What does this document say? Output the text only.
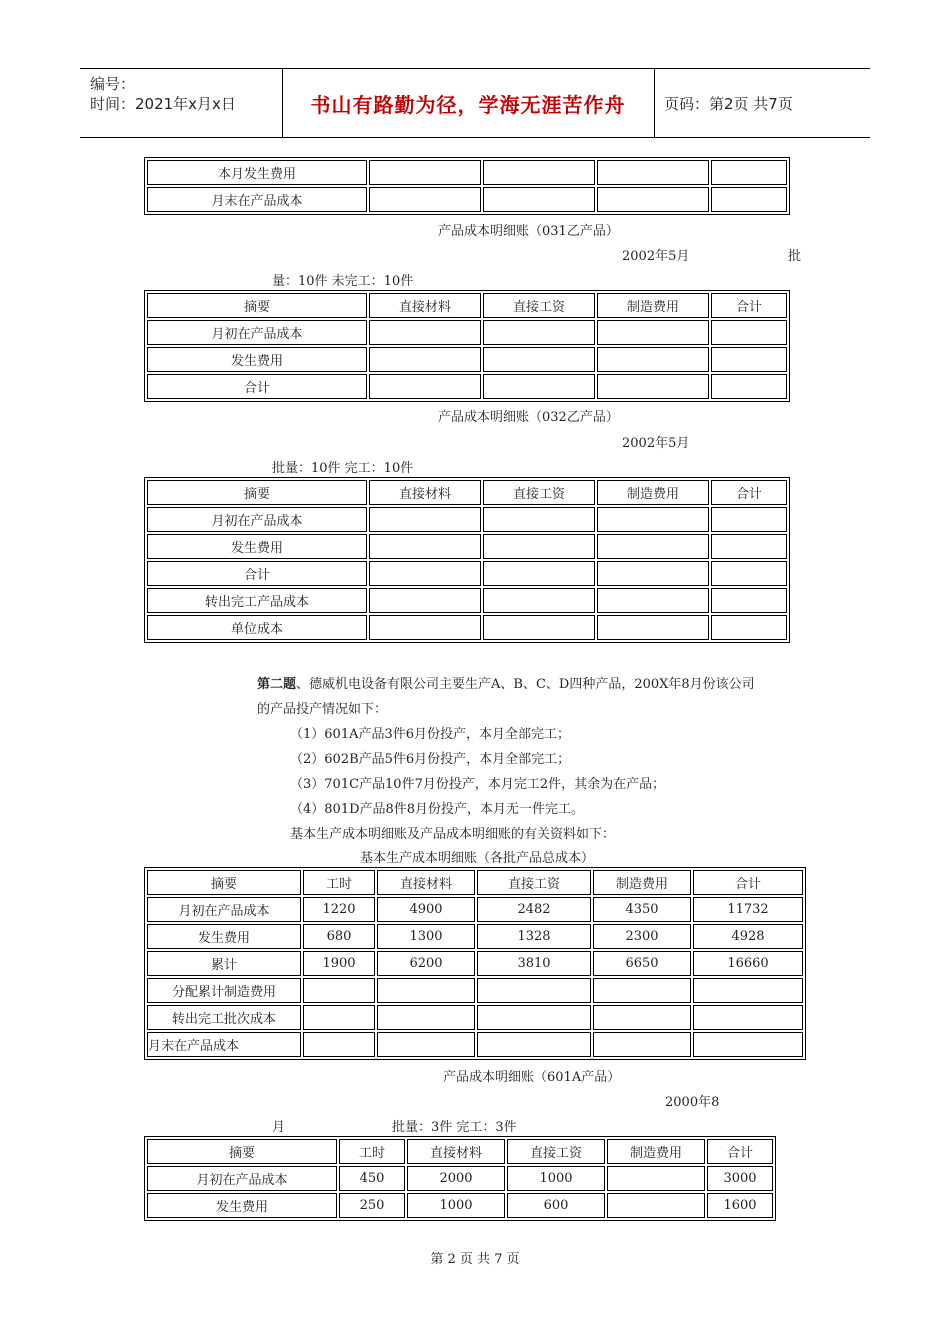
编号：
时间：2021年x月x日	书山有路勤为径，学海无涯苦作舟	页码：第2页 共7页
本月发生费用				
月末在产品成本				
产品成本明细账（031乙产品）
2002年5月	批
量：10件 未完工：10件
摘要	直接材料	直接工资	制造费用	合计
月初在产品成本				
发生费用				
合计				
产品成本明细账（032乙产品）
2002年5月
批量：10件 完工：10件
摘要	直接材料	直接工资	制造费用	合计
月初在产品成本				
发生费用				
合计				
转出完工产品成本				
单位成本				
第二题、德威机电设备有限公司主要生产A、B、C、D四种产品，200X年8月份该公司
的产品投产情况如下：
（1）601A产品3件6月份投产，本月全部完工；
（2）602B产品5件6月份投产，本月全部完工；
（3）701C产品10件7月份投产，本月完工2件，其余为在产品；
（4）801D产品8件8月份投产，本月无一件完工。
基本生产成本明细账及产品成本明细账的有关资料如下：
基本生产成本明细账（各批产品总成本）
摘要	工时	直接材料	直接工资	制造费用	合计
月初在产品成本	1220	4900	2482	4350	11732
发生费用	680	1300	1328	2300	4928
累计	1900	6200	3810	6650	16660
分配累计制造费用					
转出完工批次成本					
月末在产品成本					
产品成本明细账（601A产品）
2000年8
月	批量：3件 完工：3件
摘要	工时	直接材料	直接工资	制造费用	合计
月初在产品成本	450	2000	1000		3000
发生费用	250	1000	600		1600
第 2 页 共 7 页
